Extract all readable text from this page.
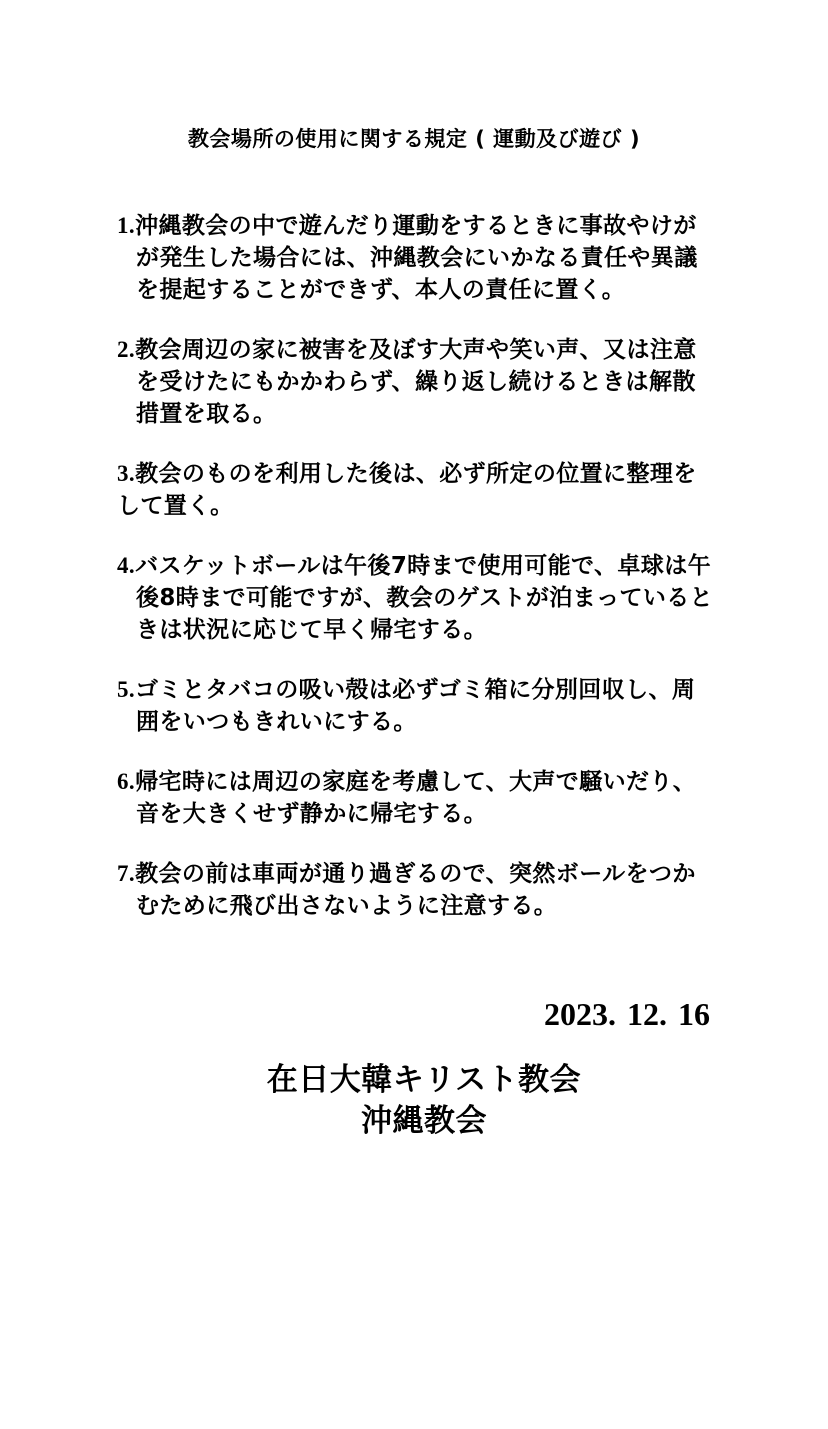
教会場所の使用に関する規定 ( 運動及び遊び )
1.沖縄教会の中で遊んだり運動をするときに事故やけがが発生した場合には、沖縄教会にいかなる責任や異議を提起することができず、本人の責任に置く。
2.教会周辺の家に被害を及ぼす大声や笑い声、又は注意を受けたにもかかわらず、繰り返し続けるときは解散措置を取る。
3.教会のものを利用した後は、必ず所定の位置に整理をして置く。
4.バスケットボールは午後7時まで使用可能で、卓球は午後8時まで可能ですが、教会のゲストが泊まっているときは状況に応じて早く帰宅する。
5.ゴミとタバコの吸い殻は必ずゴミ箱に分別回収し、周囲をいつもきれいにする。
6.帰宅時には周辺の家庭を考慮して、大声で騒いだり、音を大きくせず静かに帰宅する。
7.教会の前は車両が通り過ぎるので、突然ボールをつかむために飛び出さないように注意する。
2023. 12. 16
在日大韓キリスト教会
沖縄教会
